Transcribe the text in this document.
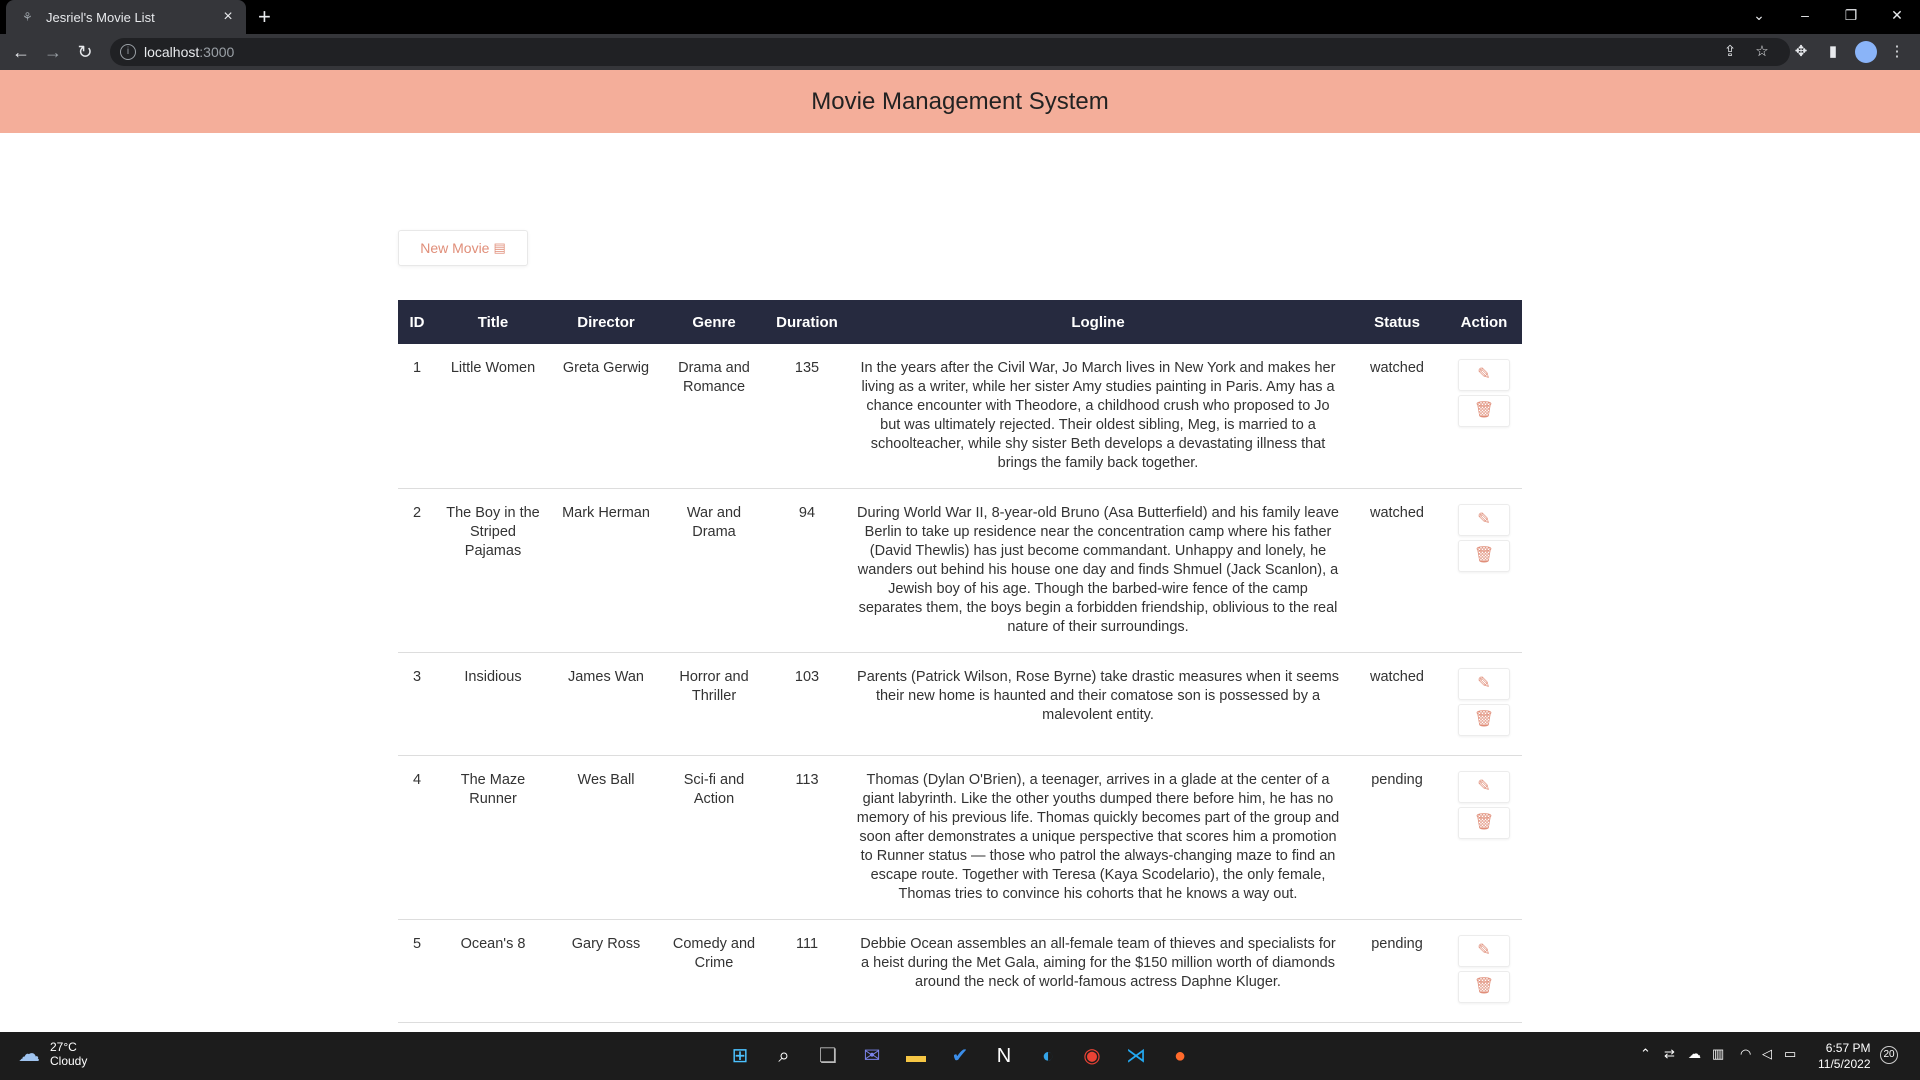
⚘ Jesriel's Movie List	× +	⌄	–	❐	✕
← → ↻	i	localhost :3000	⇪	☆	✥	▮	⋮
Movie Management System
New Movie ▤
ID	Title	Director	Genre	Duration	Logline	Status	Action
1	Little Women	Greta Gerwig	Drama and Romance	135	In the years after the Civil War, Jo March lives in New York and makes her living as a writer, while her sister Amy studies painting in Paris. Amy has a chance encounter with Theodore, a childhood crush who proposed to Jo but was ultimately rejected. Their oldest sibling, Meg, is married to a schoolteacher, while shy sister Beth develops a devastating illness that brings the family back together.	watched	✎
🗑

2	The Boy in the Striped Pajamas	Mark Herman	War and Drama	94	During World War II, 8-year-old Bruno (Asa Butterfield) and his family leave Berlin to take up residence near the concentration camp where his father (David Thewlis) has just become commandant. Unhappy and lonely, he wanders out behind his house one day and finds Shmuel (Jack Scanlon), a Jewish boy of his age. Though the barbed-wire fence of the camp separates them, the boys begin a forbidden friendship, oblivious to the real nature of their surroundings.	watched	✎
🗑

3	Insidious	James Wan	Horror and Thriller	103	Parents (Patrick Wilson, Rose Byrne) take drastic measures when it seems their new home is haunted and their comatose son is possessed by a malevolent entity.	watched	✎
🗑

4	The Maze Runner	Wes Ball	Sci-fi and Action	113	Thomas (Dylan O'Brien), a teenager, arrives in a glade at the center of a giant labyrinth. Like the other youths dumped there before him, he has no memory of his previous life. Thomas quickly becomes part of the group and soon after demonstrates a unique perspective that scores him a promotion to Runner status — those who patrol the always-changing maze to find an escape route. Together with Teresa (Kaya Scodelario), the only female, Thomas tries to convince his cohorts that he knows a way out.	pending	✎
🗑

5	Ocean's 8	Gary Ross	Comedy and Crime	111	Debbie Ocean assembles an all-female team of thieves and specialists for a heist during the Met Gala, aiming for the $150 million worth of diamonds around the neck of world-famous actress Daphne Kluger.	pending	✎
🗑

☁ 27°C
Cloudy	⊞	⌕	❏ ✉ ▬ ✔	N	◐	◉ ⋊	●	⌃ ⇄ ☁ ▥ ◠ ◁ ▭	6:57 PM
11/5/2022
20
